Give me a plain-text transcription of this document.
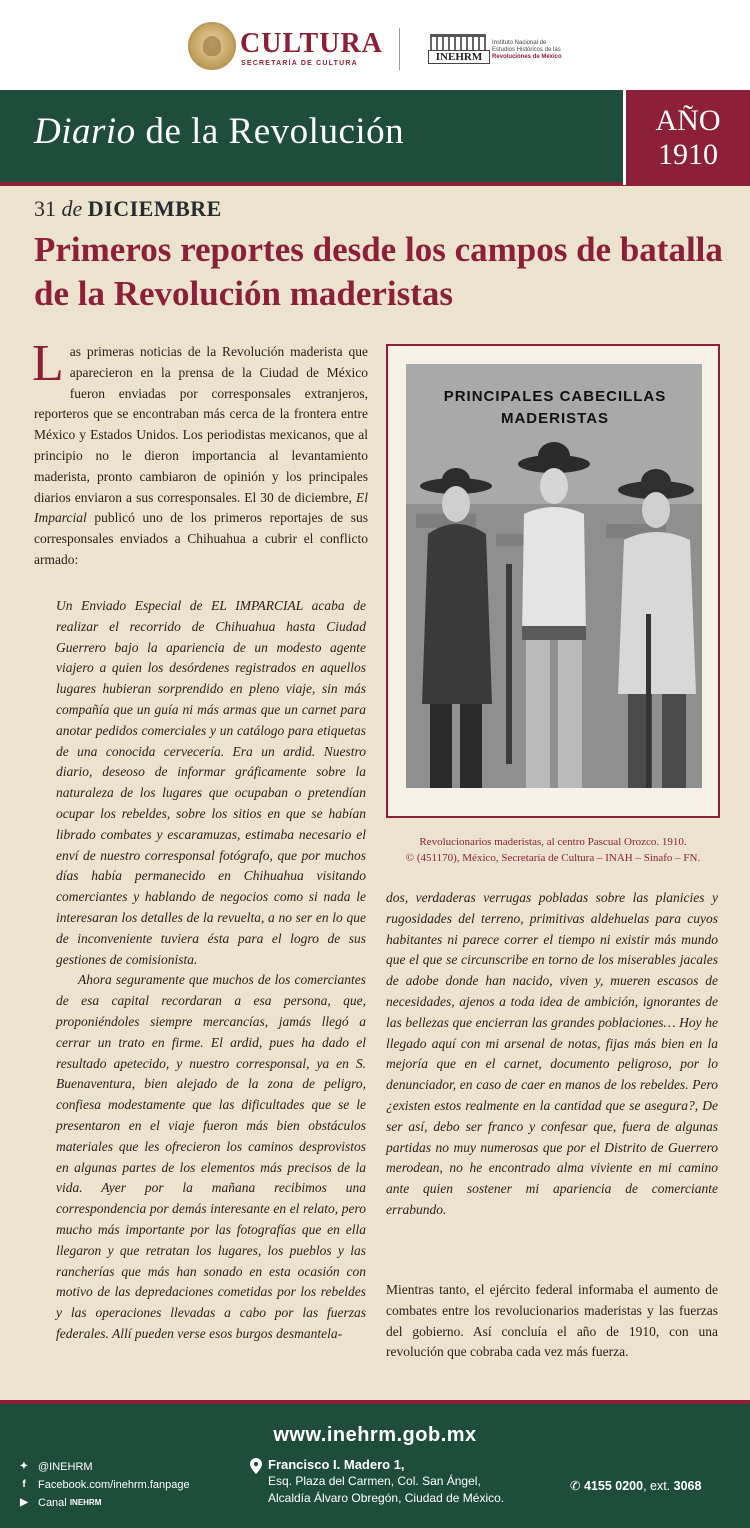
CULTURA
SECRETARÍA DE CULTURA
INEHRM
Instituto Nacional de
Estudios Históricos de las
Revoluciones de México
Diario de la Revolución	AÑO
1910
31 de DICIEMBRE
Primeros reportes desde los campos de batalla de la Revolución maderistas
Las primeras noticias de la Revolución maderista que aparecieron en la prensa de la Ciudad de México fueron enviadas por corresponsales extranjeros, reporteros que se encontraban más cerca de la frontera entre México y Estados Unidos. Los periodistas mexicanos, que al principio no le dieron importancia al levantamiento maderista, pronto cambiaron de opinión y los principales diarios enviaron a sus corresponsales. El 30 de diciembre, El Imparcial publicó uno de los primeros reportajes de sus corresponsales enviados a Chihuahua a cubrir el conflicto armado:

Un Enviado Especial de EL IMPARCIAL acaba de realizar el recorrido de Chihuahua hasta Ciudad Guerrero bajo la apariencia de un modesto agente viajero a quien los desórdenes registrados en aquellos lugares hubieran sorprendido en pleno viaje, sin más compañía que un guía ni más armas que un carnet para anotar pedidos comerciales y un catálogo para etiquetas de una conocida cervecería. Era un ardid. Nuestro diario, deseoso de informar gráficamente sobre la naturaleza de los lugares que ocupaban o pretendían ocupar los rebeldes, sobre los sitios en que se habían librado combates y escaramuzas, estimaba necesario el enví de nuestro corresponsal fotógrafo, que por muchos días había permanecido en Chihuahua visitando comerciantes y hablando de negocios como si nada le interesaran los detalles de la revuelta, a no ser en lo que de inconveniente tuviera ésta para el logro de sus gestiones de comisionista.

Ahora seguramente que muchos de los comerciantes de esa capital recordaran a esa persona, que, proponiéndoles siempre mercancías, jamás llegó a cerrar un trato en firme. El ardid, pues ha dado el resultado apetecido, y nuestro corresponsal, ya en S. Buenaventura, bien alejado de la zona de peligro, confiesa modestamente que las dificultades que se le presentaron en el viaje fueron más bien obstáculos materiales que les ofrecieron los caminos desprovistos en algunas partes de los elementos más precisos de la vida. Ayer por la mañana recibimos una correspondencia por demás interesante en el relato, pero mucho más importante por las fotografías que en ella llegaron y que retratan los lugares, los pueblos y las rancherías que más han sonado en esta ocasión con motivo de las depredaciones cometidas por los rebeldes y las operaciones llevadas a cabo por las fuerzas federales. Allí pueden verse esos burgos desmantela-

PRINCIPALES CABECILLAS
MADERISTAS
Revolucionarios maderistas, al centro Pascual Orozco. 1910.
© (451170), México, Secretaría de Cultura – INAH – Sinafo – FN.
dos, verdaderas verrugas pobladas sobre las planicies y rugosidades del terreno, primitivas aldehuelas para cuyos habitantes ni parece correr el tiempo ni existir más mundo que el que se circunscribe en torno de los miserables jacales de adobe donde han nacido, viven y, mueren escasos de necesidades, ajenos a toda idea de ambición, ignorantes de las bellezas que encierran las grandes poblaciones… Hoy he llegado aquí con mi arsenal de notas, fijas más bien en la mejoría que en el carnet, documento peligroso, por lo denunciador, en caso de caer en manos de los rebeldes. Pero ¿existen estos realmente en la cantidad que se asegura?, De ser así, debo ser franco y confesar que, fuera de algunas partidas no muy numerosas que por el Distrito de Guerrero merodean, no he encontrado alma viviente en mi camino ante quien sostener mi apariencia de comerciante errabundo.
Mientras tanto, el ejército federal informaba el aumento de combates entre los revolucionarios maderistas y las fuerzas del gobierno. Así concluía el año de 1910, con una revolución que cobraba cada vez más fuerza.
www.inehrm.gob.mx
✦ @INEHRM
f	Facebook.com/inehrm.fanpage
▶ Canal
INEHRM
Francisco I. Madero 1,
Esq. Plaza del Carmen, Col. San Ángel,
Alcaldía Álvaro Obregón, Ciudad de México.
✆ 4155 0200, ext. 3068
